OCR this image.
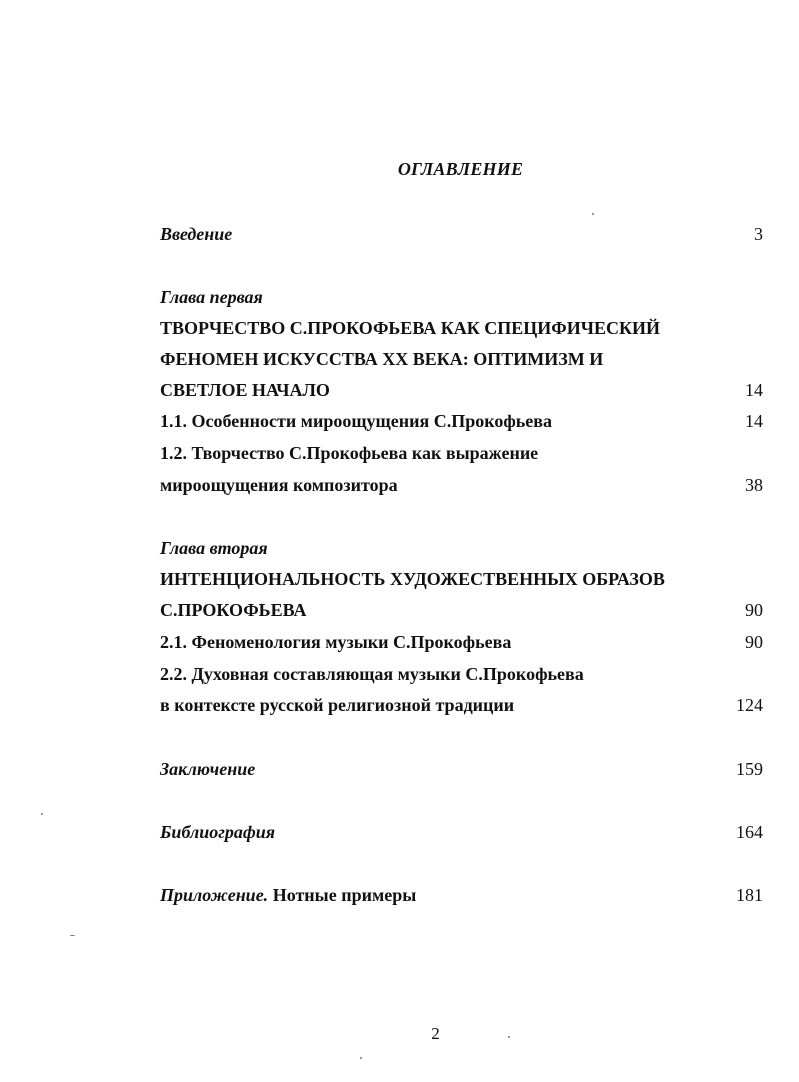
ОГЛАВЛЕНИЕ
Введение	3
Глава первая
ТВОРЧЕСТВО С.ПРОКОФЬЕВА КАК СПЕЦИФИЧЕСКИЙ
ФЕНОМЕН ИСКУССТВА XX ВЕКА: ОПТИМИЗМ И
СВЕТЛОЕ НАЧАЛО	14
1.1. Особенности мироощущения С.Прокофьева	14
1.2. Творчество С.Прокофьева как выражение
мироощущения композитора	38
Глава вторая
ИНТЕНЦИОНАЛЬНОСТЬ ХУДОЖЕСТВЕННЫХ ОБРАЗОВ
С.ПРОКОФЬЕВА	90
2.1. Феноменология музыки С.Прокофьева	90
2.2. Духовная составляющая музыки С.Прокофьева
в контексте русской религиозной традиции	124
Заключение	159
Библиография	164
Приложение. Нотные примеры	181
2
